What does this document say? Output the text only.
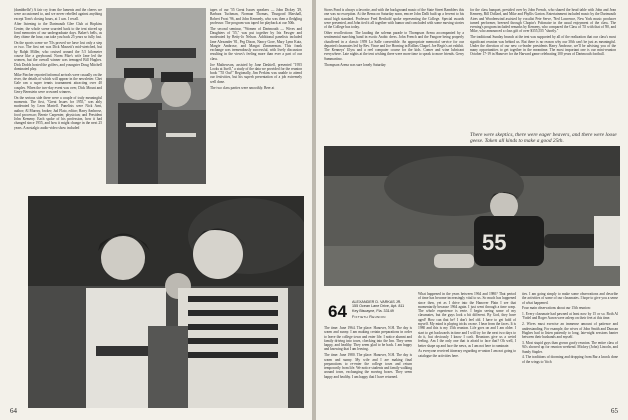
(dumbbells!) A fair cry from the laments and the cheers we were accustomed to, and we never rebelled against anything except Tom's closing hours, at 1 a.m. I recall.

After listening to the Dartmouth Glee Club at Hopkins Center, the whole scene scurried back to the tent stirred up fond memories of our undergraduate days. Baker's bells, as they chime the hour, can take you back 25 years so fully fast.

On the sports scene we '55s proved we have lost only a step or two. The first net was Dick Masseti's mid-stretched, but by Ralph Miller, who cruised around the 5.5 kilometer course like a greyhound. Norm Fike's wife Jane led the women, but the overall winner was teenaged Bill Hughes. Dick Dodds hosted the golfers, and youngster Doug Mitchell dominated play.

Mike Fincher reported informal arrivals were casually on the river, the details of which will appear in the newsletter. Chet Gale ran a super tennis tournament attracting over 40 couples. When the two-day event was over, Dick Mount and Gerry Bernstein were crowned winners.

On the serious side there were a couple of truly meaningful moments. The first, "Great Issues for 1955," was ably moderated by Leon Martell. Panelists were Nick Arnt, author; Al Murray, broker; Jud Flato, editor; Harry Ambrose, food processor; Bernie Carpenter, physician; and President John Kemeny. Each spoke of his profession, how it had changed since 1955, and how it might change in the next 25 years. A nostalgic audio-video show included

tapes of our '55 Great Issues speakers — John Dickey '29, Barbara Tuchman, Norman Thomas, Thurgood Marshall, Robert Frost '96, and John Kennedy, who was then a fledgling professor. The program was taped for playback at our 50th.

The second seminar, "Women of Dartmouth — Wives and Daughters of '55," was put together by Iris Fawger and moderated by Betty-Jo Nelson. Additional panelists included Jane Alexander '81, Peg Dixon, Nancy Gore, Mary Lynn Kutz, Margie Ambrose, and Margot Zimmerman. This frank exchange was tremendously successful, with lively discussion resulting in the views's feeling more than ever a part of our class.

Joe Mathewson, assisted by Jane Dashiell, presented "1955 Looks at Itself," a study of the data we provided for the reunion book "'55 Out!" Regionally, Jim Perkins was unable to attend our festivities, but his superb presentation of a job extremely well done.

The two class parties were smoothly. Beer at

64

Storrs Pond is always a favorite, and with the background music of the State Street Ramblers this one was no exception. At the Bema on Saturday noon, emcee John Dalli built up a fervent to his usual high standard. Professor Fred Berthold spoke representing the College. Special awards were presented, and John tied it all together with humor and concluded with some moving stories of the College bus today.

Other recollections: The lauding the solemn parade to Thompson Arena accompanied by a sentimental marching band in exotic Arabic dress. John French and the Fangore being properly chauffered in a classic 1959 La Salle convertible. An appropriate memorial service for our departed classmates led by Rev. Vince and Joe Horning in Rollins Chapel. Joe Regis's art exhibit. The Kenneys' Ulyss and a reel computer course for the kids. Comer and wine lubricant everywhere. Late nights at the tent wishing there were more time to speak to more friends. Gerry Sammartino.

Thompson Arena was sure lonely Saturday

for the class banquet, presided over by John French, who shared the head table with John and Jean Kemeny, Bill Dollard, and Mike and Phyllis Garton. Entertainment included music by the Dartmouth Aires and Woodenwind assisted by vocalist Pete Serve, 'Ned Lawrence, New York music producer turned performer, breezed through Chopin's Polonaise in the usual enjoyment of the class. The evening's program included remarks by Kemeny, who compared the Class of '55 with that of '80, and Mike, who announced a class gift of over $355,555 "shortly."

The traditional Sunday brunch at the tent was supported by all of the realization that our class's most significant reunion was behind us. But there is no reason why our 30th can't be just as meaningful. Under the direction of our new co-leader presidents Harry Ambrose, we'll be advising you of the many opportunities to get together in the meantime. The most important one is our mini-reunion October 17-19 in Hanover for the Harvard game celebrating 100 years of Dartmouth football.

There were skeptics, there were eager beavers, and there were loose geese. Taken all kinds to make a good 25th.
55
64 ALEXANDER D. VARKAS JR.
155 Ocean Lane Drive, Apt. 811
Key Biscayne, Fla. 33149
Fiftieth Reunion

The time: June 1964. The place: Hanover, N.H. The day is warm and sunny. I am making certain preparations in order to leave the college town and enter life. I notice alumni and family driving into town, checking into the Inn. They seem happy, and healthy. They seem glad to be back. I am happy and knowing that I am leaving.

The time: June 1980. The place: Hanover, N.H. The day is warm and sunny. My wife and I are making final preparations to re-enter the college town and return temporarily from life. We notice students and family walking around town, exchanging the moving boxes. They seem happy and healthy. I am happy that I have returned.

What happened in the years between 1964 and 1980? That period of time has become increasingly vital to us. So much has happened since then, yet as I drive into the Hanover Plain I see that momentarily because 1964 again. I just went through a time warp. The whole experience is eerie. I begin seeing some of my classmates, but the guys look a bit different. By God, they have aged! How can that be? I don't feel old. I have to get hold of myself. My mind is playing tricks on me. I hear from the faces. It is 1980 and this is my 15th reunion. Life goes on and I am older. I start to get backwards in time and I will try for the next two days to do it, but obviously I know I can't. Reunions give us a weird feeling. Am I the only one that is afraid to face that? Oh well, I better shape up and face the news, as I am not here to ruminate.

As everyone received itinerary regarding re-union I am not going to catalogue the activities here.

ties. I am going simply to make some observations and describe the activities of some of our classmates. I hope to give you a sense of what happened.

Four main observations about our 15th reunion:

1. Every classmate had pawned at least now by 15 or so. Both Al 'Yodel and Roger Aaron were asleep on their feet at this time.

2. Wives must exercise an immense amount of patience and understanding. For example, the wives of John Smith and Duncan Hughes had to listen patiently to long, late-night sessions banter between their husbands and myself.

3. Most stupid guys than grown goofy reunion. The entire class of 94's showed up for reunion weekend. Mickey (John) Lincoln, and Sandy Stapler.

4. The traditions of dooming and dropping from Bar a knock done of the wings to 'fitch

65
